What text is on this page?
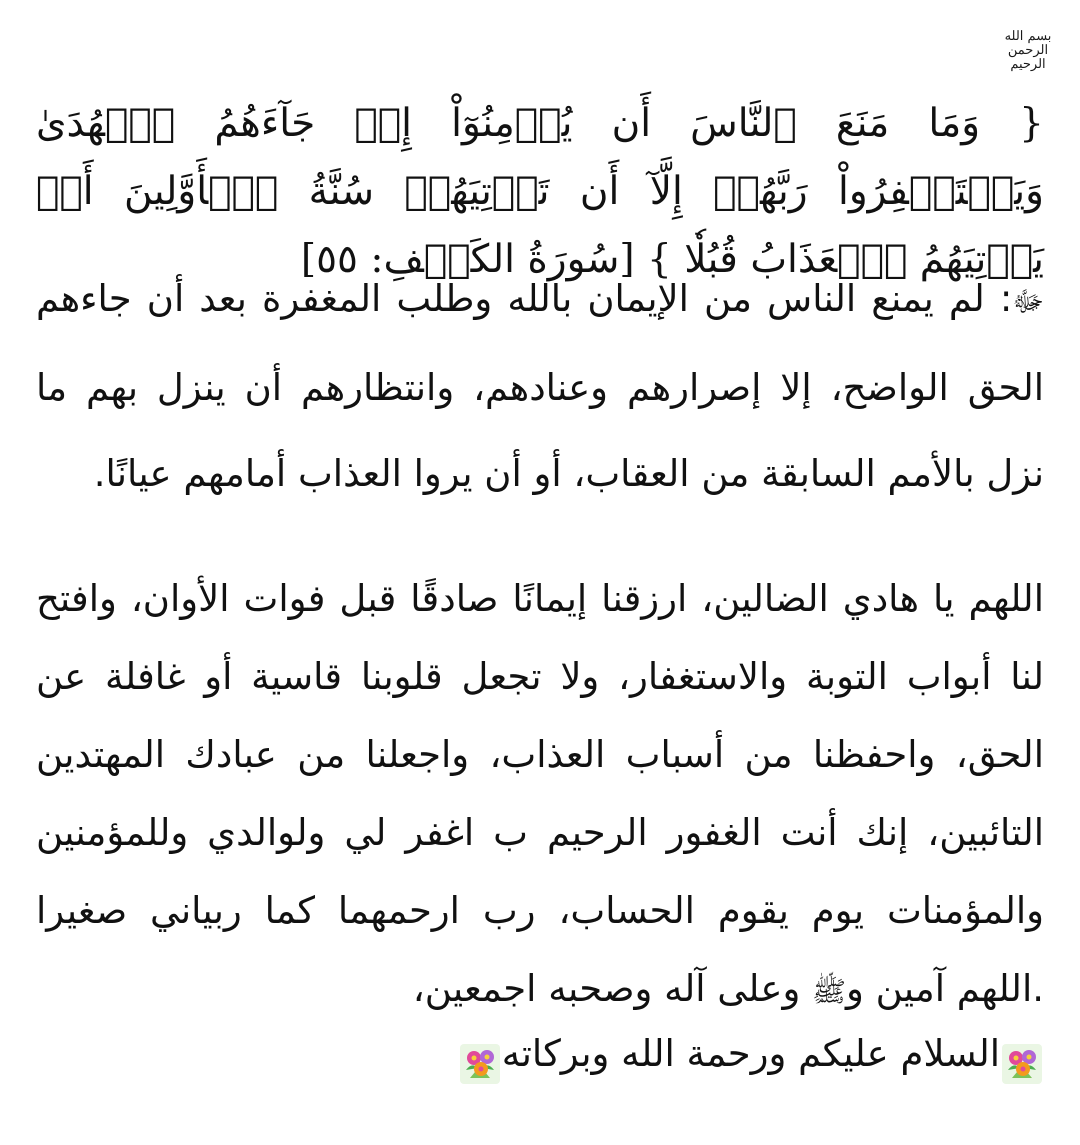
بسم الله
الرحمن
الرحيم
{ وَمَا مَنَعَ ٱلنَّاسَ أَن يُؤۡمِنُوٓاْ إِذۡ جَآءَهُمُ ٱلۡهُدَىٰ وَيَسۡتَغۡفِرُواْ رَبَّهُمۡ إِلَّآ أَن تَأۡتِيَهُمۡ سُنَّةُ ٱلۡأَوَّلِينَ أَوۡ يَأۡتِيَهُمُ ٱلۡعَذَابُ قُبُلٗا } [سُورَةُ الكَهۡفِ: ٥٥]
ﷻ: لم يمنع الناس من الإيمان بالله وطلب المغفرة بعد أن جاءهم الحق الواضح، إلا إصرارهم وعنادهم، وانتظارهم أن ينزل بهم ما نزل بالأمم السابقة من العقاب، أو أن يروا العذاب أمامهم عيانًا.
اللهم يا هادي الضالين، ارزقنا إيمانًا صادقًا قبل فوات الأوان، وافتح لنا أبواب التوبة والاستغفار، ولا تجعل قلوبنا قاسية أو غافلة عن الحق، واحفظنا من أسباب العذاب، واجعلنا من عبادك المهتدين التائبين، إنك أنت الغفور الرحيم ب اغفر لي ولوالدي وللمؤمنين والمؤمنات يوم يقوم الحساب، رب ارحمهما كما ربياني صغيرا .اللهم آمين وﷺ وعلى آله وصحبه اجمعين،
السلام عليكم ورحمة الله وبركاته
